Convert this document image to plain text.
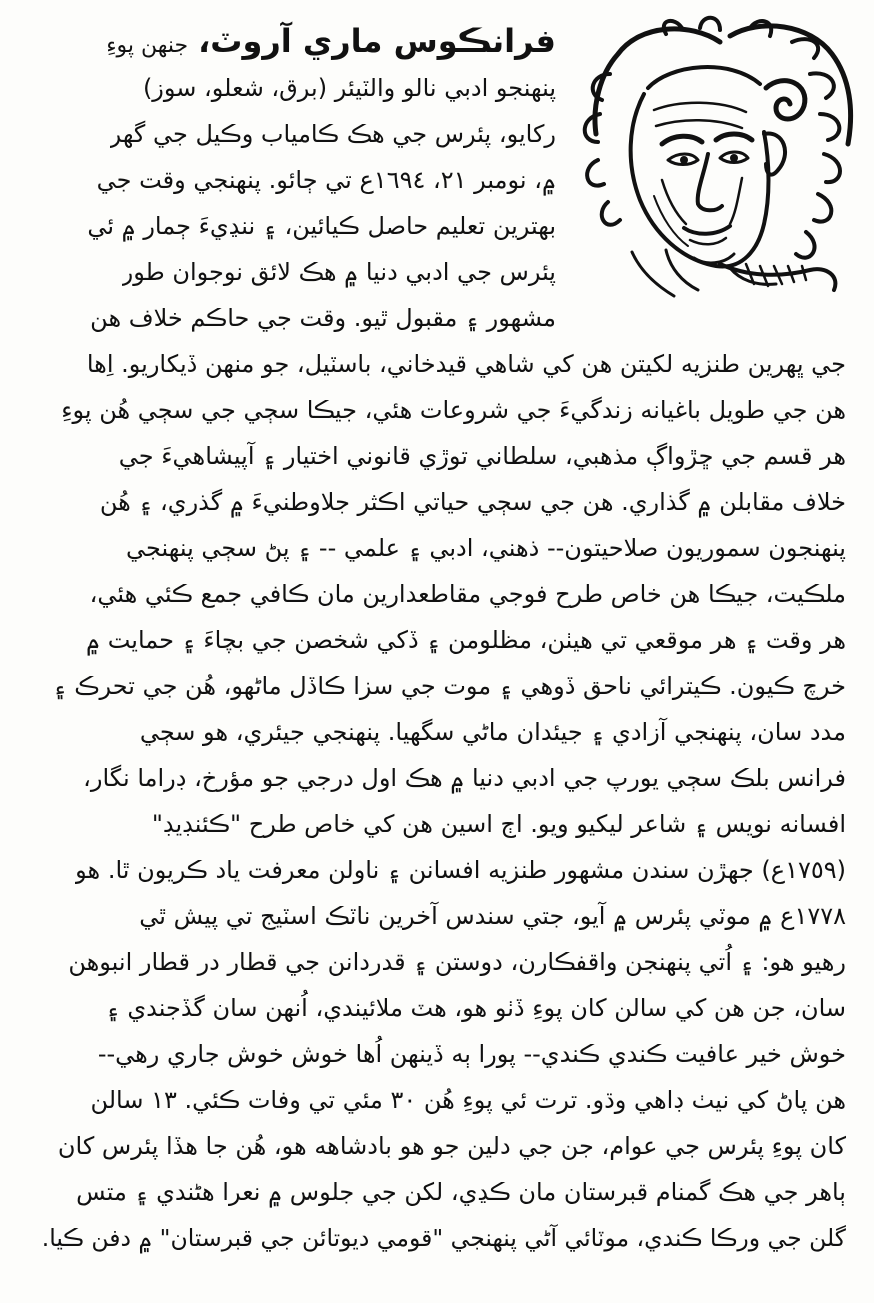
فرانڪوس ماري آروٽ،جنهن پوءِ
پنهنجو ادبي نالو والٽيئر (برق، شعلو، سوز)
رکايو، پئرس جي هڪ ڪامياب وڪيل جي گهر
۾، نومبر ٢١، ١٦٩٤ع تي ڄائو. پنهنجي وقت جي
بهترين تعليم حاصل ڪيائين، ۽ ننڍيءَ ڄمار ۾ ئي
پئرس جي ادبي دنيا ۾ هڪ لائق نوجوان طور
مشهور ۽ مقبول ٿيو. وقت جي حاڪم خلاف هن
جي ڀهرين طنزيه لکيتن هن کي شاهي قيدخاني، باسٽيل، جو منهن ڏيکاريو. اِها
هن جي طويل باغيانه زندگيءَ جي شروعات هئي، جيڪا سڄي جي سڄي هُن پوءِ
هر قسم جي ڇڙواڳ مذهبي، سلطاني توڙي قانوني اختيار ۽ آپيشاهيءَ جي
خلاف مقابلن ۾ گذاري. هن جي سڄي حياتي اڪثر جلاوطنيءَ ۾ گذري، ۽ هُن
پنهنجون سموريون صلاحيتون-- ذهني، ادبي ۽ علمي -- ۽ پڻ سڄي پنهنجي
ملڪيت، جيڪا هن خاص طرح فوجي مقاطعدارين مان ڪافي جمع ڪئي هئي،
هر وقت ۽ هر موقعي تي هيٺن، مظلومن ۽ ڏکي شخصن جي بچاءَ ۽ حمايت ۾
خرچ ڪيون. ڪيترائي ناحق ڏوهي ۽ موت جي سزا ڪاڏل ماڻهو، هُن جي تحرڪ ۽
مدد سان، پنهنجي آزادي ۽ جيئدان ماڻي سگهيا. پنهنجي جيئري، هو سڄي
فرانس بلڪ سڄي يورپ جي ادبي دنيا ۾ هڪ اول درجي جو مؤرخ، ڊراما نگار،
افسانه نويس ۽ شاعر ليکيو ويو. اڄ اسين هن کي خاص طرح "ڪئنڊيڊ"
(١٧٥٩ع) جهڙن سندن مشهور طنزيه افسانن ۽ ناولن معرفت ياد ڪريون ٿا. هو
١٧٧٨ع ۾ موٽي پئرس ۾ آيو، جتي سندس آخرين ناٽڪ اسٽيج تي پيش ٿي
رهيو هو: ۽ اُتي پنهنجن واقفڪارن، دوستن ۽ قدردانن جي قطار در قطار انبوهن
سان، جن هن کي سالن کان پوءِ ڏٺو هو، هٽ ملائيندي، اُنهن سان گڏجندي ۽
خوش خير عافيت ڪندي ڪندي-- پورا ٻه ڏينهن اُها خوش خوش جاري رهي--
هن پاڻ کي نيٺ ڊاهي وڌو. ترت ئي پوءِ هُن ٣٠ مئي تي وفات ڪئي. ١٣ سالن
کان پوءِ پئرس جي عوام، جن جي دلين جو هو بادشاهه هو، هُن جا هڏا پئرس کان
ٻاهر جي هڪ گمنام قبرستان مان ڪڍي، لکن جي جلوس ۾ نعرا هڻندي ۽ متس
گلن جي ورڪا ڪندي، موٽائي آڻي پنهنجي "قومي ديوتائن جي قبرستان" ۾ دفن ڪيا.
